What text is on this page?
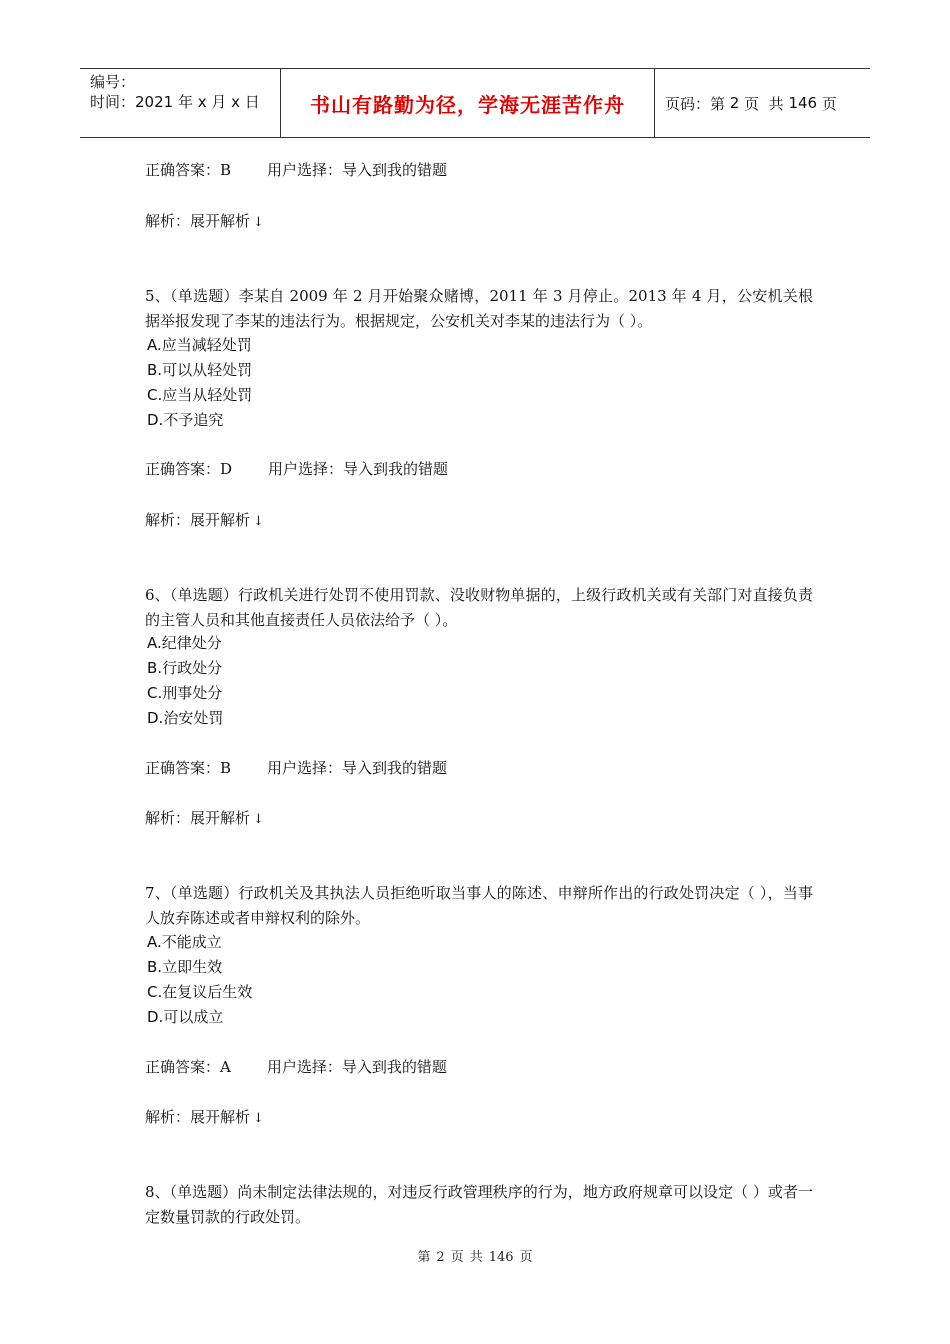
编号：
时间：2021 年 x 月 x 日	书山有路勤为径，学海无涯苦作舟	页码：第
2
页  共
146
页
正确答案：B 用户选择：导入到我的错题
解析：展开解析 ↓
5、（单选题）李某自 2009 年 2 月开始聚众赌博，2011 年 3 月停止。2013 年 4 月，公安机关根据举报发现了李某的违法行为。根据规定，公安机关对李某的违法行为（ ）。
A.应当减轻处罚
B.可以从轻处罚
C.应当从轻处罚
D.不予追究
正确答案：D 用户选择：导入到我的错题
解析：展开解析 ↓
6、（单选题）行政机关进行处罚不使用罚款、没收财物单据的，上级行政机关或有关部门对直接负责的主管人员和其他直接责任人员依法给予（ ）。
A.纪律处分
B.行政处分
C.刑事处分
D.治安处罚
正确答案：B 用户选择：导入到我的错题
解析：展开解析 ↓
7、（单选题）行政机关及其执法人员拒绝听取当事人的陈述、申辩所作出的行政处罚决定（ ），当事人放弃陈述或者申辩权利的除外。
A.不能成立
B.立即生效
C.在复议后生效
D.可以成立
正确答案：A 用户选择：导入到我的错题
解析：展开解析 ↓
8、（单选题）尚未制定法律法规的，对违反行政管理秩序的行为，地方政府规章可以设定（ ）或者一定数量罚款的行政处罚。
第 2 页 共 146 页
